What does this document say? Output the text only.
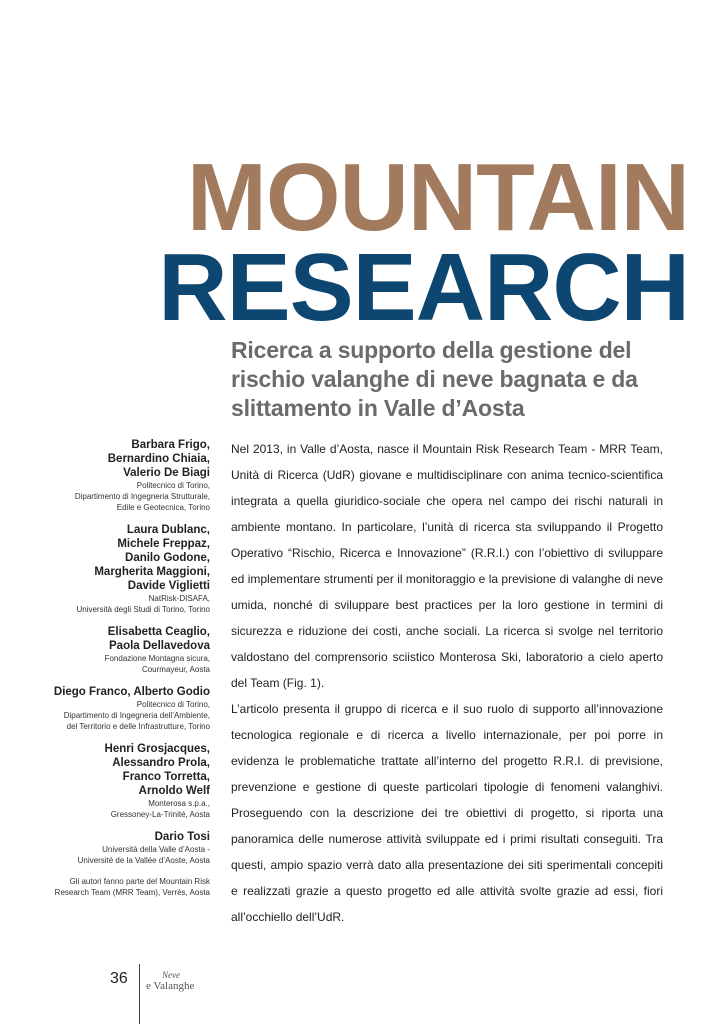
MOUNTAIN
RESEARCH
Ricerca a supporto della gestione del rischio valanghe di neve bagnata e da slittamento in Valle d’Aosta
Barbara Frigo,
Bernardino Chiaia,
Valerio De Biagi
Politecnico di Torino,
Dipartimento di Ingegneria Strutturale,
Edile e Geotecnica, Torino
Laura Dublanc,
Michele Freppaz,
Danilo Godone,
Margherita Maggioni,
Davide Viglietti
NatRisk-DISAFA,
Università degli Studi di Torino, Torino
Elisabetta Ceaglio,
Paola Dellavedova
Fondazione Montagna sicura,
Courmayeur, Aosta
Diego Franco, Alberto Godio
Politecnico di Torino,
Dipartimento di Ingegneria dell’Ambiente,
del Territorio e delle Infrastrutture, Torino
Henri Grosjacques,
Alessandro Prola,
Franco Torretta,
Arnoldo Welf
Monterosa s.p.a.,
Gressoney-La-Trinité, Aosta
Dario Tosi
Università della Valle d’Aosta -
Université de la Vallée d’Aoste, Aosta
Gli autori fanno parte del Mountain Risk Research Team (MRR Team), Verrès, Aosta

Nel 2013, in Valle d’Aosta, nasce il Mountain Risk Research Team - MRR Team, Unità di Ricerca (UdR) giovane e multidisciplinare con anima tecnico-scientifica integrata a quella giuridico-sociale che opera nel campo dei rischi naturali in ambiente montano. In particolare, l’unità di ricerca sta sviluppando il Progetto Operativo “Rischio, Ricerca e Innovazione” (R.R.I.) con l’obiettivo di sviluppare ed implementare strumenti per il monitoraggio e la previsione di valanghe di neve umida, nonché di sviluppare best practices per la loro gestione in termini di sicurezza e riduzione dei costi, anche sociali. La ricerca si svolge nel territorio valdostano del comprensorio sciistico Monterosa Ski, laboratorio a cielo aperto del Team (Fig. 1).

L’articolo presenta il gruppo di ricerca e il suo ruolo di supporto all’innovazione tecnologica regionale e di ricerca a livello internazionale, per poi porre in evidenza le problematiche trattate all’interno del progetto R.R.I. di previsione, prevenzione e gestione di queste particolari tipologie di fenomeni valanghivi. Proseguendo con la descrizione dei tre obiettivi di progetto, si riporta una panoramica delle numerose attività sviluppate ed i primi risultati conseguiti. Tra questi, ampio spazio verrà dato alla presentazione dei siti sperimentali concepiti e realizzati grazie a questo progetto ed alle attività svolte grazie ad essi, fiori all’occhiello dell’UdR.

36	Neve
e Valanghe
